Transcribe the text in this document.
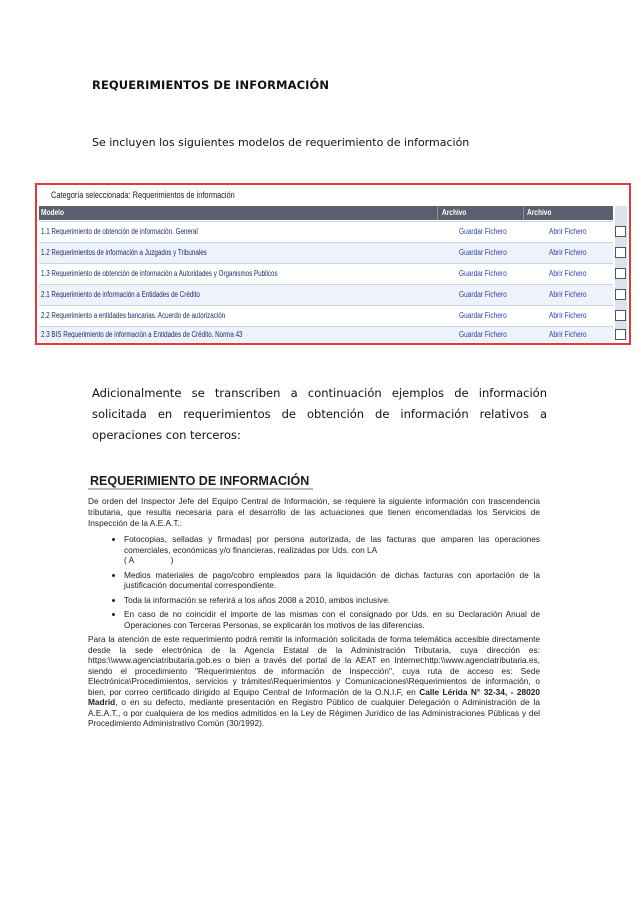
REQUERIMIENTOS DE INFORMACIÓN
Se incluyen los siguientes modelos de requerimiento de información
Categoría seleccionada: Requerimientos de información
Modelo	Archivo	Archivo
1.1 Requerimiento de obtención de información. General	Guardar Fichero	Abrir Fichero
1.2 Requerimientos de información a Juzgados y Tribunales	Guardar Fichero	Abrir Fichero
1.3 Requerimiento de obtención de información a Autoridades y Organismos Publicos	Guardar Fichero	Abrir Fichero
2.1 Requerimiento de información a Entidades de Crédito	Guardar Fichero	Abrir Fichero
2.2 Requerimiento a entidades bancarias. Acuerdo de autorización	Guardar Fichero	Abrir Fichero
2.3 BIS Requerimiento de información a Entidades de Crédito. Norma 43	Guardar Fichero	Abrir Fichero
Adicionalmente se transcriben a continuación ejemplos de información solicitada en requerimientos de obtención de información relativos a operaciones con terceros:
REQUERIMIENTO DE INFORMACIÓN
De orden del Inspector Jefe del Equipo Central de Información, se requiere la siguiente información con trascendencia tributaria, que resulta necesaria para el desarrollo de las actuaciones que tienen encomendadas los Servicios de Inspección de la A.E.A.T.:
• Fotocopias, selladas y firmadas| por persona autorizada, de las facturas que amparen las operaciones comerciales, económicas y/o financieras, realizadas por Uds. con LA
( A                )
• Medios materiales de pago/cobro empleados para la liquidación de dichas facturas con aportación de la justificación documental correspondiente.
• Toda la información se referirá a los años 2008 a 2010, ambos inclusive.
• En caso de no coincidir el importe de las mismas con el consignado por Uds. en su Declaración Anual de Operaciones con Terceras Personas, se explicarán los motivos de las diferencias.
Para la atención de este requerimiento podrá remitir la información solicitada de forma telemática accesible directamente desde la sede electrónica de la Agencia Estatal de la Administración Tributaria, cuya dirección es: https:\\www.agenciatributaria.gob.es o bien a través del portal de la AEAT en Internet:http:\\www.agenciatributaria.es, siendo el procedimiento "Requerimientos de información de Inspección", cuya ruta de acceso es: Sede Electrónica\Procedimientos, servicios y trámites\Requerimientos y Comunicaciones\Requerimientos de información, o bien, por correo certificado dirigido al Equipo Central de Información de la O.N.I.F, en Calle Lérida N° 32-34, - 28020 Madrid, o en su defecto, mediante presentación en Registro Público de cualquier Delegación o Administración de la A.E.A.T., o por cualquiera de los medios admitidos en la Ley de Régimen Jurídico de las Administraciones Públicas y del Procedimiento Administrativo Común (30/1992).
